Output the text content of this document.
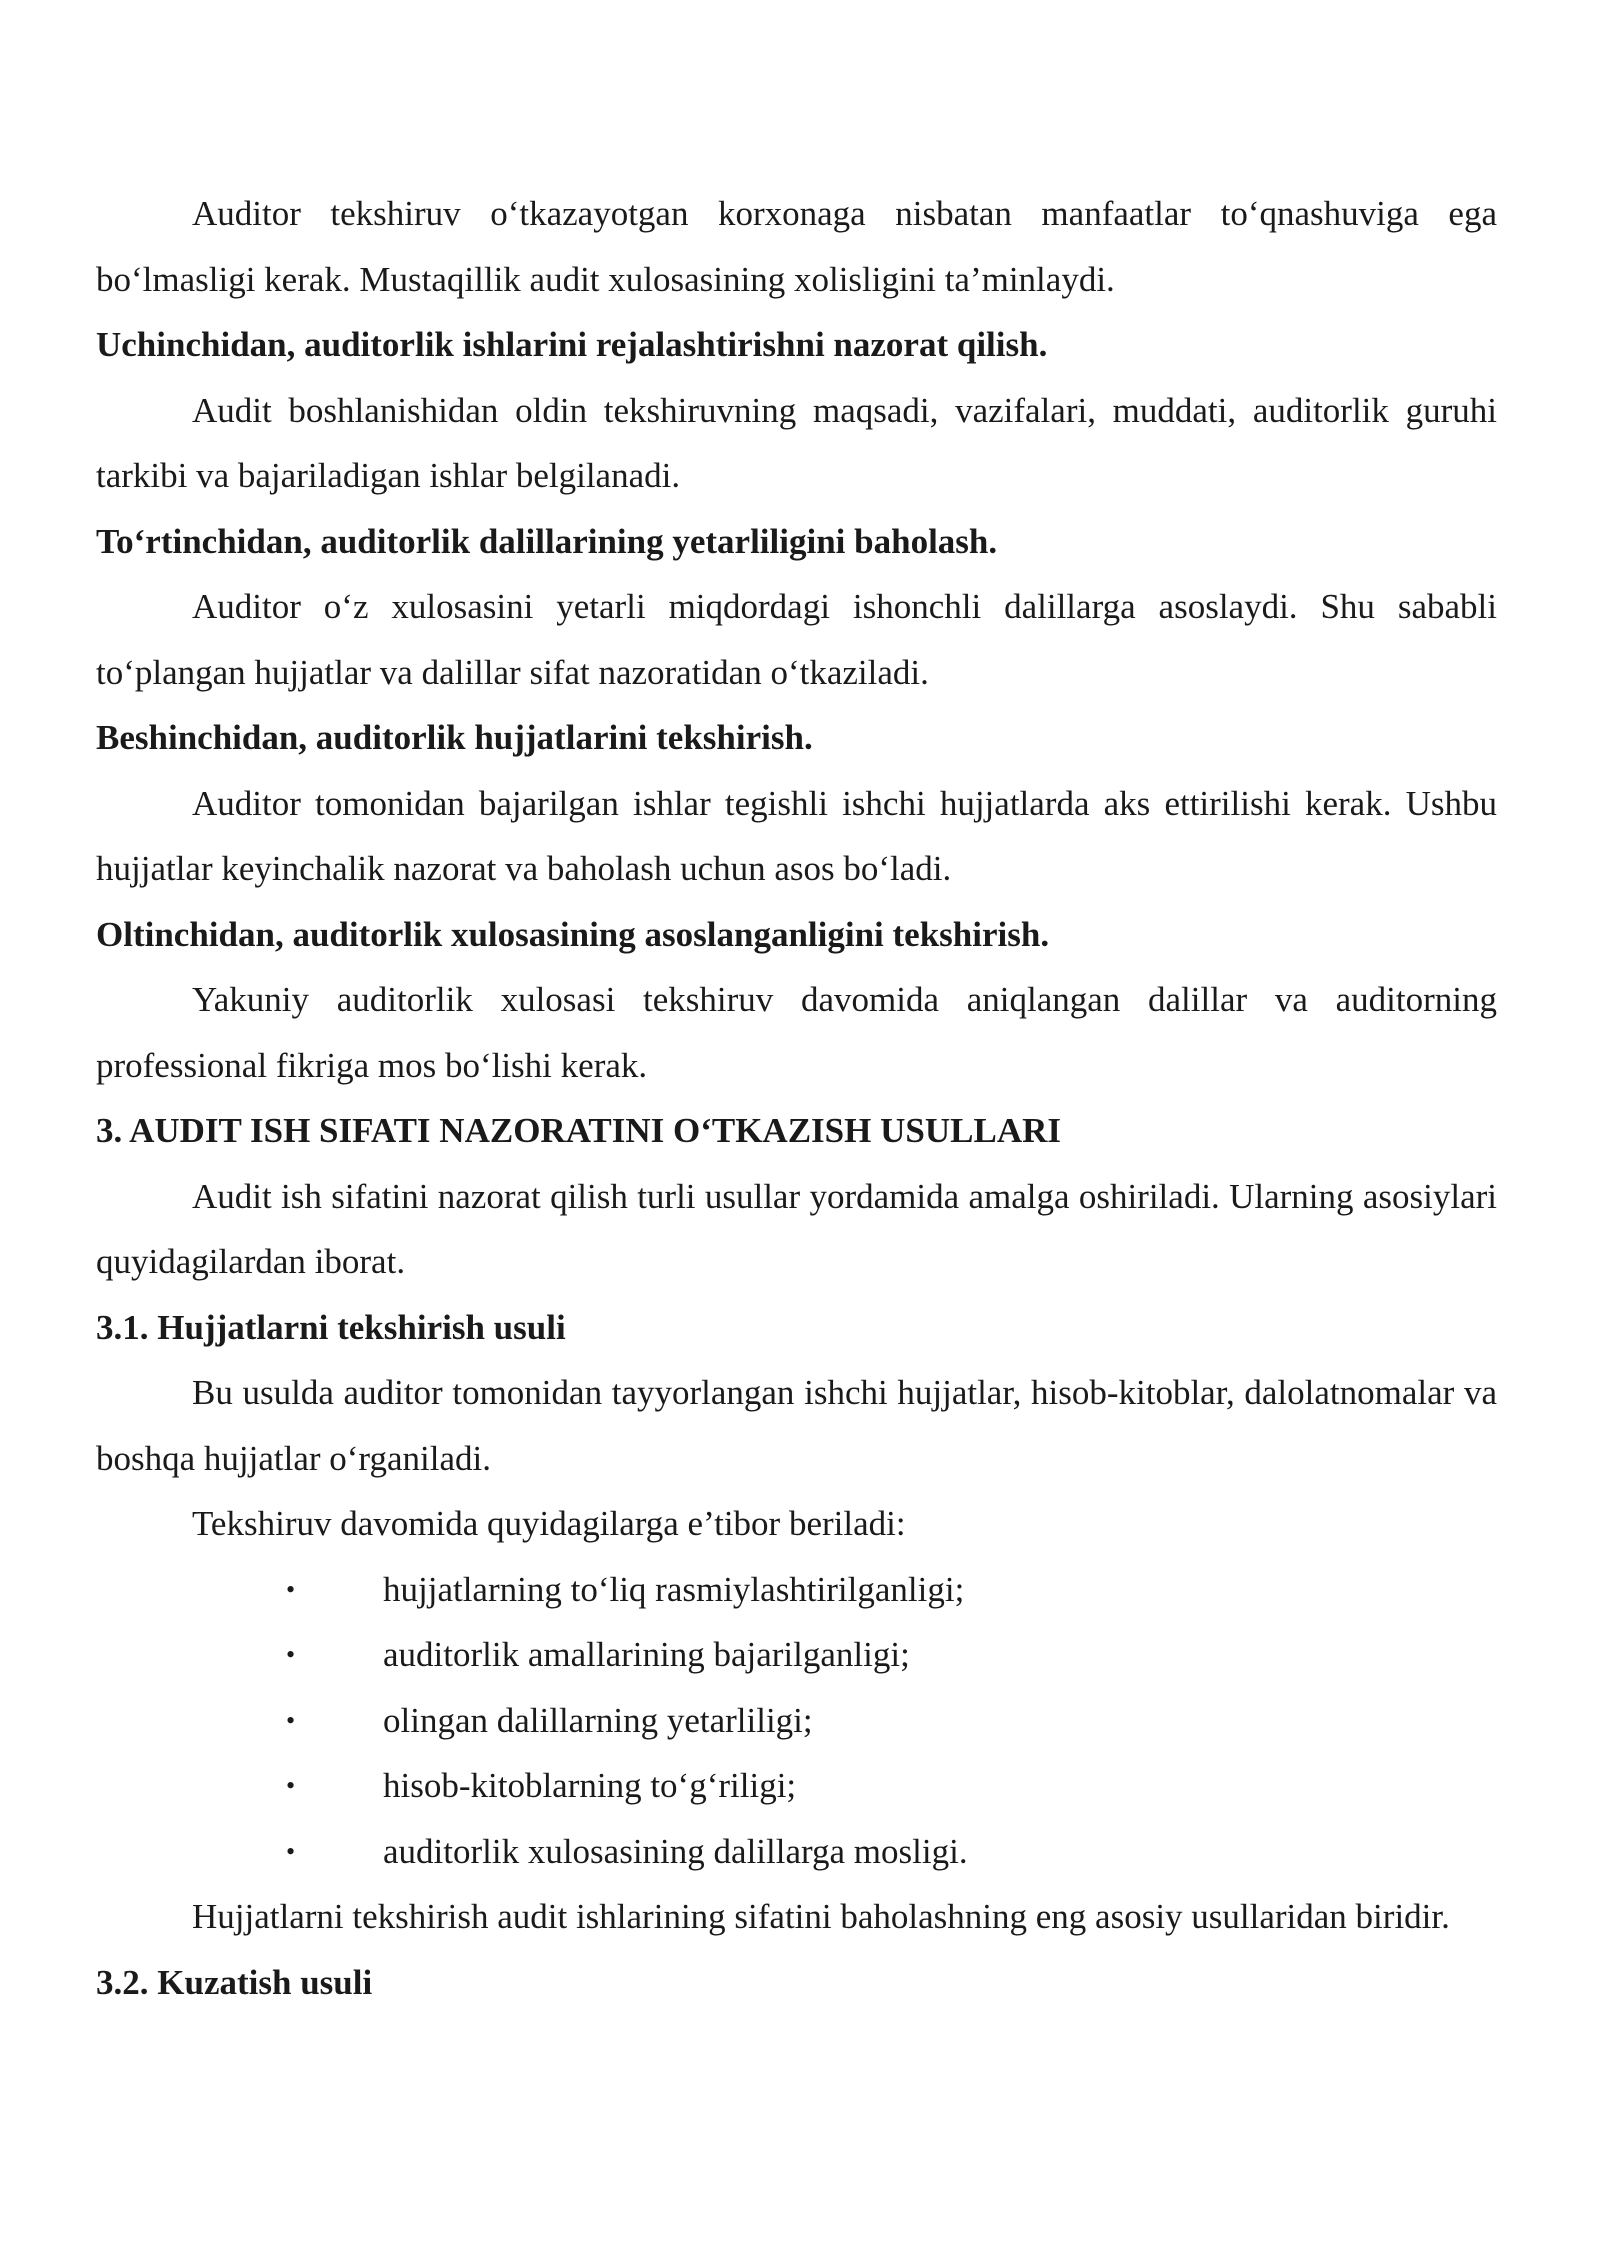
Auditor tekshiruv o‘tkazayotgan korxonaga nisbatan manfaatlar to‘qnashuviga ega bo‘lmasligi kerak. Mustaqillik audit xulosasining xolisligini ta’minlaydi.

Uchinchidan, auditorlik ishlarini rejalashtirishni nazorat qilish.

Audit boshlanishidan oldin tekshiruvning maqsadi, vazifalari, muddati, auditorlik guruhi tarkibi va bajariladigan ishlar belgilanadi.

To‘rtinchidan, auditorlik dalillarining yetarliligini baholash.

Auditor o‘z xulosasini yetarli miqdordagi ishonchli dalillarga asoslaydi. Shu sababli to‘plangan hujjatlar va dalillar sifat nazoratidan o‘tkaziladi.

Beshinchidan, auditorlik hujjatlarini tekshirish.

Auditor tomonidan bajarilgan ishlar tegishli ishchi hujjatlarda aks ettirilishi kerak. Ushbu hujjatlar keyinchalik nazorat va baholash uchun asos bo‘ladi.

Oltinchidan, auditorlik xulosasining asoslanganligini tekshirish.

Yakuniy auditorlik xulosasi tekshiruv davomida aniqlangan dalillar va auditorning professional fikriga mos bo‘lishi kerak.

3. AUDIT ISH SIFATI NAZORATINI O‘TKAZISH USULLARI

Audit ish sifatini nazorat qilish turli usullar yordamida amalga oshiriladi. Ularning asosiylari quyidagilardan iborat.

3.1. Hujjatlarni tekshirish usuli

Bu usulda auditor tomonidan tayyorlangan ishchi hujjatlar, hisob-kitoblar, dalolatnomalar va boshqa hujjatlar o‘rganiladi.

Tekshiruv davomida quyidagilarga e’tibor beriladi:

•	hujjatlarning to‘liq rasmiylashtirilganligi;
•	auditorlik amallarining bajarilganligi;
•	olingan dalillarning yetarliligi;
•	hisob-kitoblarning to‘g‘riligi;
•	auditorlik xulosasining dalillarga mosligi.

Hujjatlarni tekshirish audit ishlarining sifatini baholashning eng asosiy usullaridan biridir.

3.2. Kuzatish usuli
